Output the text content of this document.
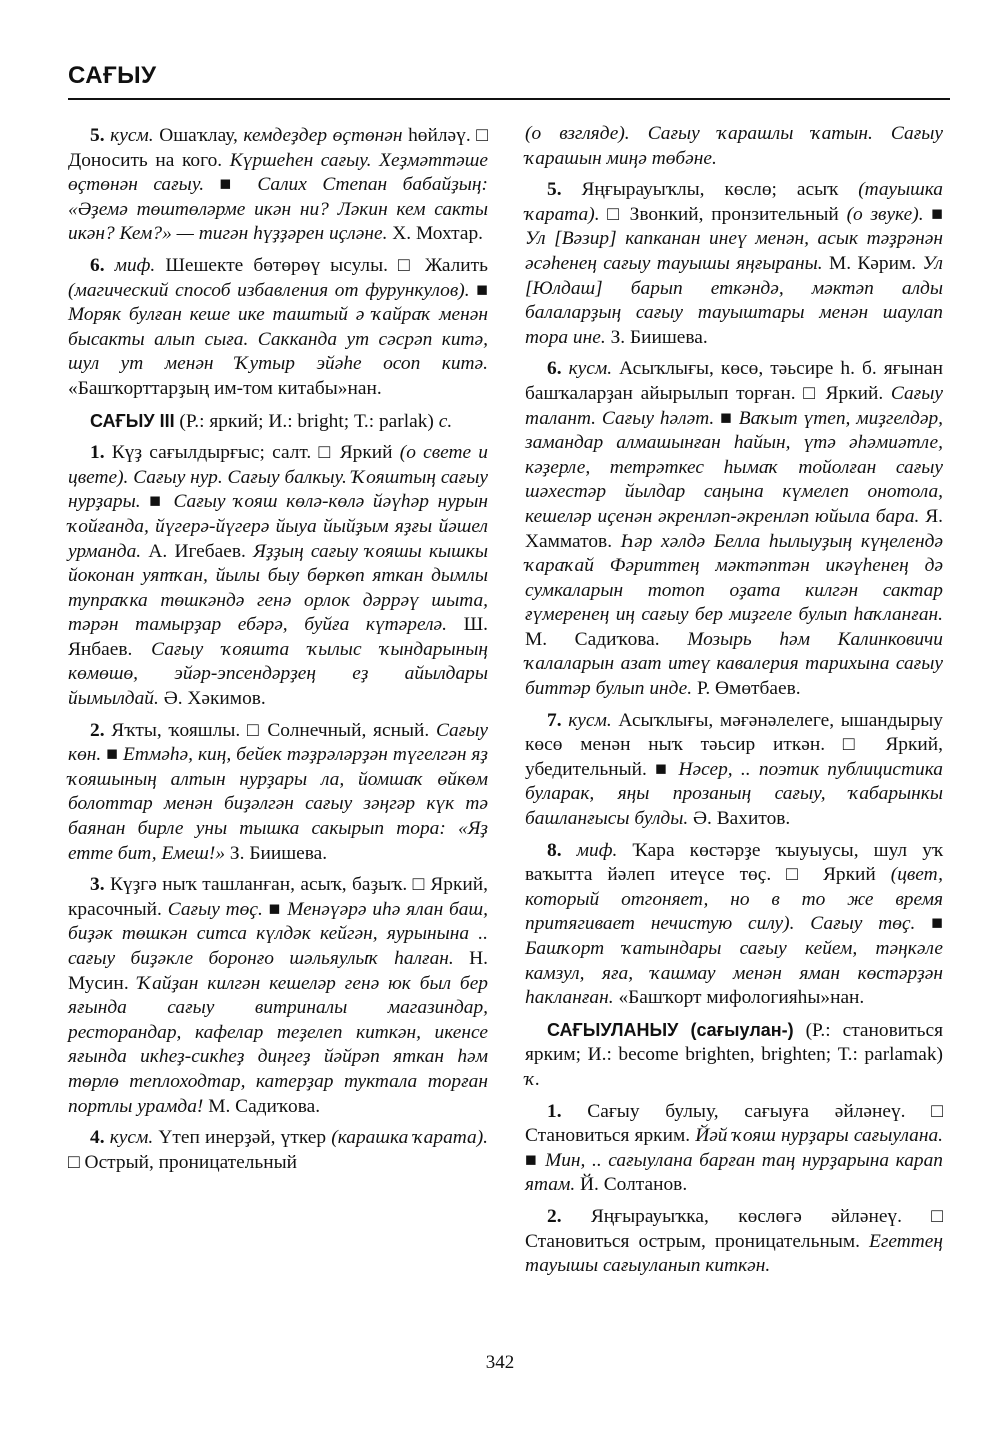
САҒЫУ

5. кусм. Ошаҡлау, кемдеҙдер өҫтөнән һөйләү. □ Доносить на кого. Күршеһен сағыу. Хеҙмәттәше өҫтөнән сағыу. ■ Салих Степан бабайҙың: «Әҙемә төштөләрме икән ни? Ләкин кем сакты икән? Кем?» — тигән һүҙҙәрен иҫләне. Х. Мохтар.

6. миф. Шешекте бөтөрөү ысулы. □ Жалить (магический способ избавления от фурункулов). ■ Моряк булған кеше ике таштый ә ҡайраҡ менән бысакты алып сыға. Сакканда ут сәсрәп китә, шул ут менән Ҡутыр эйәһе осоп китә. «Башҡорттарҙың им-том китабы»нан.

САҒЫУ III (Р.: яркий; И.: bright; Т.: parlak) с.

1. Күҙ сағылдырғыс; салт. □ Яркий (о свете и цвете). Сағыу нур. Сағыу балкыу. Ҡояштың сағыу нурҙары. ■ Сағыу ҡояш көлә-көлә йәүһәр нурын ҡойғанда, йүгерә-йүгерә йыуа йыйҙым яҙғы йәшел урманда. А. Игебаев. Яҙҙың сағыу ҡояшы кышкы йоконан уятҡан, йылы быу бөркөп яткан дымлы тупраҡка төшкәндә генә орлок дәррәү шыта, тәрән тамырҙар ебәрә, буйға күтәрелә. Ш. Янбаев. Сағыу ҡояшта ҡылыс ҡындарының көмөшө, эйәр-эпсендәрҙең еҙ айылдары йымылдай. Ә. Хәкимов.

2. Яҡты, ҡояшлы. □ Солнечный, ясный. Сағыу көн. ■ Етмәһә, киң, бейек тәҙрәләрҙән түгелгән яҙ ҡояшының алтын нурҙары ла, йомшаҡ өйкөм болоттар менән биҙәлгән сағыу зәңгәр күк тә баянан бирле уны тышка сакырып тора: «Яҙ етте бит, Емеш!» З. Биишева.

3. Күҙгә ныҡ ташланған, асыҡ, баҙыҡ. □ Яркий, красочный. Сағыу төҫ. ■ Менәүәрә иһә ялан баш, биҙәк төшкән ситса күлдәк кейгән, яурынына .. сағыу биҙәкле боронғо шәльяулыҡ һалған. Н. Мусин. Ҡайҙан килгән кешеләр генә юк был бер яғында сағыу витриналы магазиндар, ресторандар, кафелар теҙелеп киткән, икенсе яғында икһеҙ-сикһеҙ диңгеҙ йәйрәп яткан һәм төрлө теплоходтар, катерҙар туктала торған портлы урамда! М. Садиҡова.

4. кусм. Үтеп инерҙәй, үткер (карашка ҡарата). □ Острый, проницательный

(о взгляде). Сағыу ҡарашлы ҡатын. Сағыу ҡарашын миңә төбәне.

5. Яңғырауыҡлы, көслө; асыҡ (тауышка ҡарата). □ Звонкий, пронзительный (о звуке). ■ Ул [Вәзир] капканан инеү менән, асык тәҙрәнән әсәһенең сағыу тауышы яңғыраны. М. Кәрим. Ул [Юлдаш] барып еткәндә, мәктәп алды балаларҙың сағыу тауыштары менән шаулап тора ине. З. Биишева.

6. кусм. Асыҡлығы, көсө, тәьсире һ. б. яғынан башҡаларҙан айырылып торған. □ Яркий. Сағыу талант. Сағыу һәләт. ■ Ваҡыт үтеп, миҙгелдәр, замандар алмашынған һайын, үтә әһәмиәтле, кәҙерле, тетрәткес һымаҡ тойолған сағыу шәхестәр йылдар саңына күмелеп онотола, кешеләр иҫенән әкренләп-әкренләп юйыла бара. Я. Хамматов. Һәр хәлдә Белла һылыуҙың күңелендә ҡараҡай Фәриттең мәктәптән икәүһенең дә сумкаларын тотоп оҙата килгән сактар ғүмеренең иң сағыу бер миҙгеле булып һаҡланған. М. Садиҡова. Мозырь һәм Калинковичи ҡалаларын азат итеү кавалерия тарихына сағыу биттәр булып инде. Р. Өмөтбаев.

7. кусм. Асыҡлығы, мәғәнәлелеге, ышандырыу көсө менән ныҡ тәьсир иткән. □ Яркий, убедительный. ■ Нәсер, .. поэтик публицистика буларак, яңы прозаның сағыу, ҡабарынкы башланғысы булды. Ә. Вахитов.

8. миф. Ҡара көстәрҙе ҡыуыусы, шул уҡ ваҡытта йәлеп итеүсе төҫ. □ Яркий (цвет, который отгоняет, но в то же время притягивает нечистую силу). Сағыу төҫ. ■ Башҡорт ҡатындары сағыу кейем, тәңкәле камзул, яға, ҡашмау менән яман көстәрҙән һакланған. «Башҡорт мифологияһы»нан.

САҒЫУЛАНЫУ (сағыулан-) (Р.: становиться ярким; И.: become brighten, brighten; Т.: parlamak) ҡ.

1. Сағыу булыу, сағыуға әйләнеү. □ Становиться ярким. Йәй ҡояш нурҙары сағыулана. ■ Мин, .. сағыулана барған таң нурҙарына карап ятам. Й. Солтанов.

2. Яңғырауыҡка, көслөгә әйләнеү. □ Становиться острым, проницательным. Егеттең тауышы сағыуланып киткән.

342
